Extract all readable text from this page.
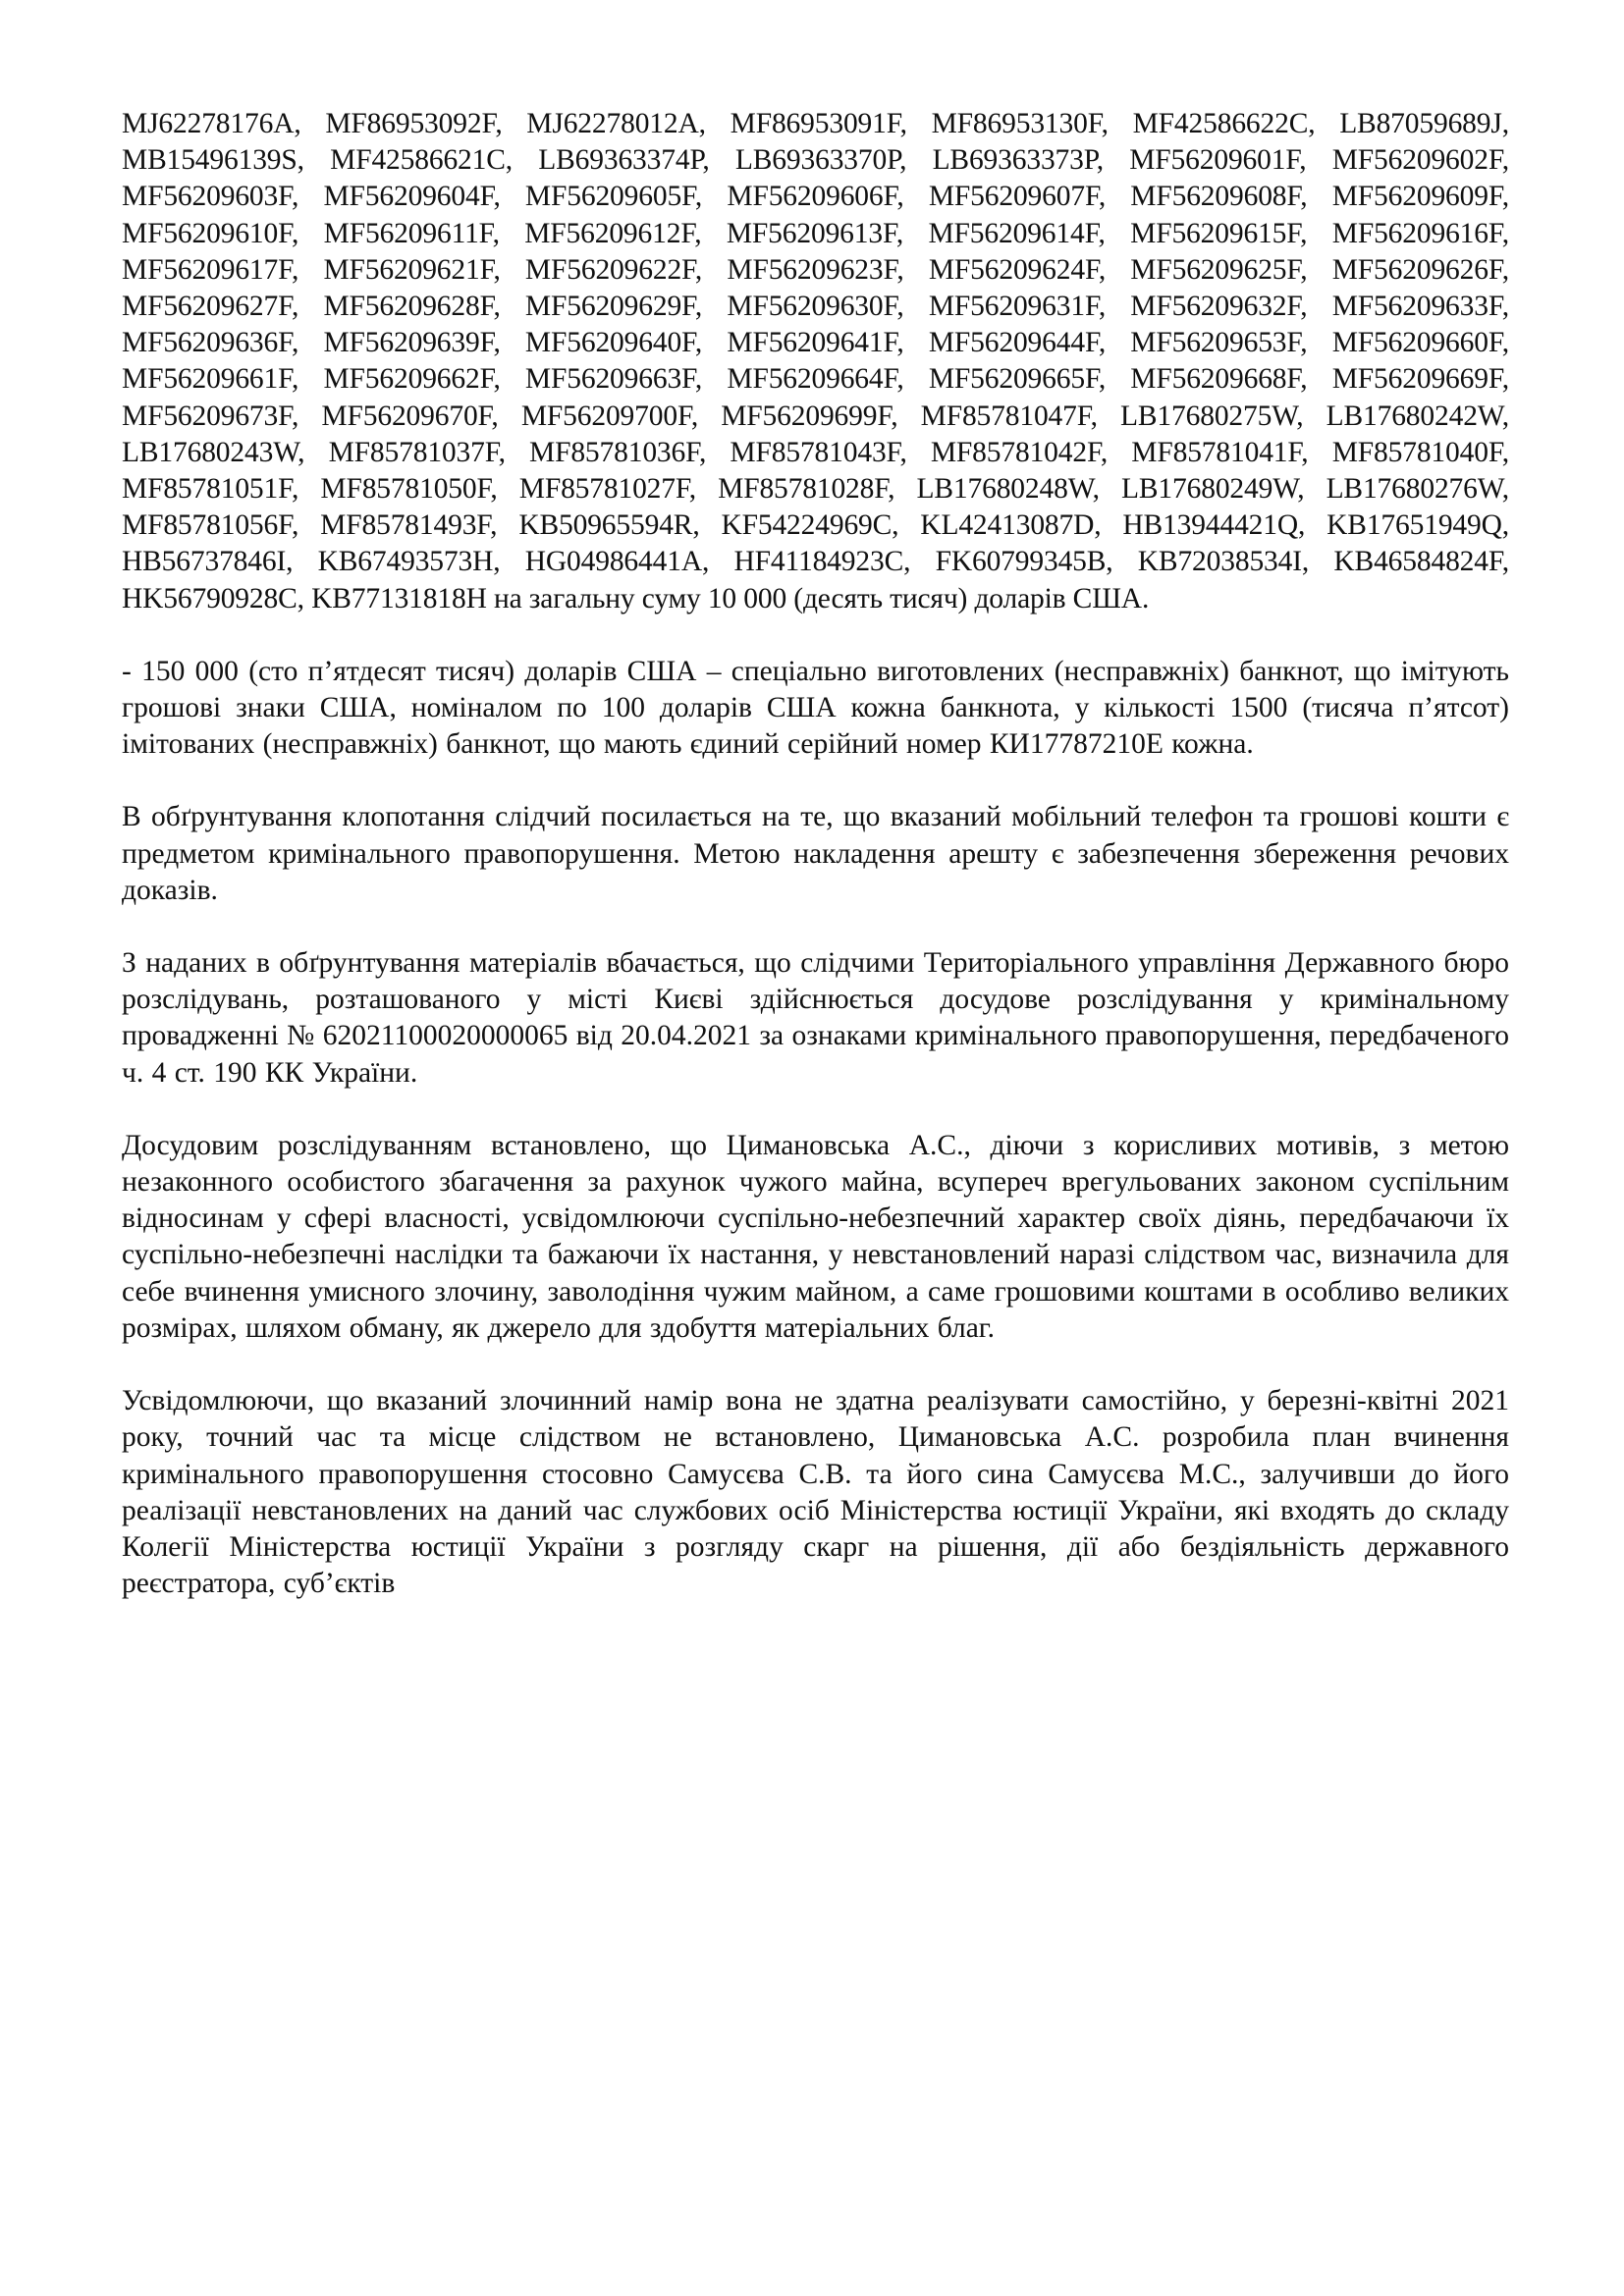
MJ62278176A, MF86953092F, MJ62278012A, MF86953091F, MF86953130F, MF42586622C, LB87059689J, MB15496139S, MF42586621C, LB69363374P, LB69363370P, LB69363373P, MF56209601F, MF56209602F, MF56209603F, MF56209604F, MF56209605F, MF56209606F, MF56209607F, MF56209608F, MF56209609F, MF56209610F, MF56209611F, MF56209612F, MF56209613F, MF56209614F, MF56209615F, MF56209616F, MF56209617F, MF56209621F, MF56209622F, MF56209623F, MF56209624F, MF56209625F, MF56209626F, MF56209627F, MF56209628F, MF56209629F, MF56209630F, MF56209631F, MF56209632F, MF56209633F, MF56209636F, MF56209639F, MF56209640F, MF56209641F, MF56209644F, MF56209653F, MF56209660F, MF56209661F, MF56209662F, MF56209663F, MF56209664F, MF56209665F, MF56209668F, MF56209669F, MF56209673F, MF56209670F, MF56209700F, MF56209699F, MF85781047F, LB17680275W, LB17680242W, LB17680243W, MF85781037F, MF85781036F, MF85781043F, MF85781042F, MF85781041F, MF85781040F, MF85781051F, MF85781050F, MF85781027F, MF85781028F, LB17680248W, LB17680249W, LB17680276W, MF85781056F, MF85781493F, KB50965594R, KF54224969C, KL42413087D, HB13944421Q, KB17651949Q, HB56737846I, KB67493573H, HG04986441A, HF41184923C, FK60799345B, KB72038534I, KB46584824F, HK56790928C, KB77131818H на загальну суму 10 000 (десять тисяч) доларів США.

- 150 000 (сто п’ятдесят тисяч) доларів США – спеціально виготовлених (несправжніх) банкнот, що імітують грошові знаки США, номіналом по 100 доларів США кожна банкнота, у кількості 1500 (тисяча п’ятсот) імітованих (несправжніх) банкнот, що мають єдиний серійний номер КИ17787210Е кожна.

В обґрунтування клопотання слідчий посилається на те, що вказаний мобільний телефон та грошові кошти є предметом кримінального правопорушення. Метою накладення арешту є забезпечення збереження речових доказів.

З наданих в обґрунтування матеріалів вбачається, що слідчими Територіального управління Державного бюро розслідувань, розташованого у місті Києві здійснюється досудове розслідування у кримінальному провадженні № 62021100020000065 від 20.04.2021 за ознаками кримінального правопорушення, передбаченого ч. 4 ст. 190 КК України.

Досудовим розслідуванням встановлено, що Цимановська А.С., діючи з корисливих мотивів, з метою незаконного особистого збагачення за рахунок чужого майна, всупереч врегульованих законом суспільним відносинам у сфері власності, усвідомлюючи суспільно-небезпечний характер своїх діянь, передбачаючи їх суспільно-небезпечні наслідки та бажаючи їх настання, у невстановлений наразі слідством час, визначила для себе вчинення умисного злочину, заволодіння чужим майном, а саме грошовими коштами в особливо великих розмірах, шляхом обману, як джерело для здобуття матеріальних благ.

Усвідомлюючи, що вказаний злочинний намір вона не здатна реалізувати самостійно, у березні-квітні 2021 року, точний час та місце слідством не встановлено, Цимановська А.С. розробила план вчинення кримінального правопорушення стосовно Самусєва С.В. та його сина Самусєва М.С., залучивши до його реалізації невстановлених на даний час службових осіб Міністерства юстиції України, які входять до складу Колегії Міністерства юстиції України з розгляду скарг на рішення, дії або бездіяльність державного реєстратора, суб’єктів
